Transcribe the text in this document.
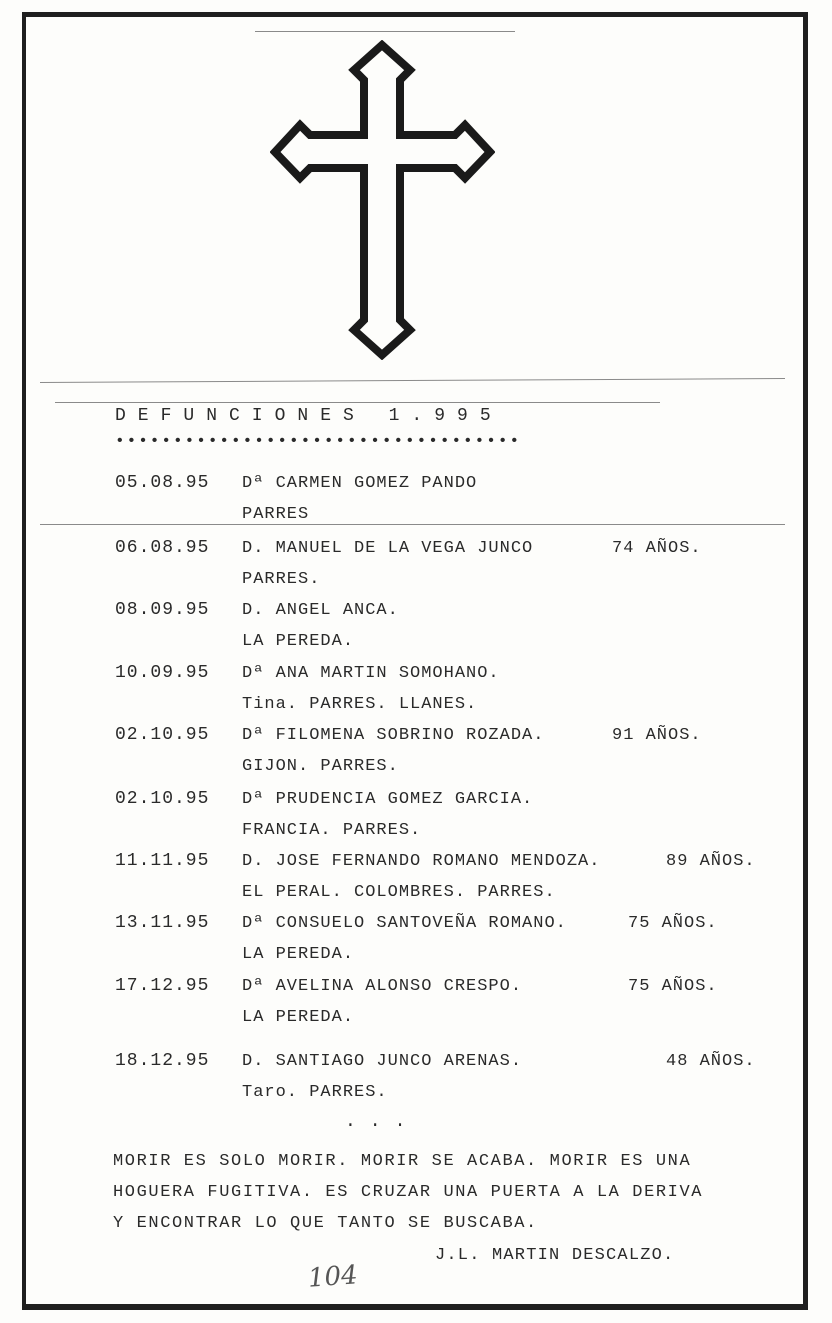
DEFUNCIONES 1.995
•••••••••••••••••••••••••••••••••••
05.08.95 Dª CARMEN GOMEZ PANDO
PARRES
06.08.95 D. MANUEL DE LA VEGA JUNCO	74 AÑOS.
PARRES.
08.09.95 D. ANGEL ANCA.
LA PEREDA.
10.09.95 Dª ANA MARTIN SOMOHANO.
Tina. PARRES. LLANES.
02.10.95 Dª FILOMENA SOBRINO ROZADA.	91 AÑOS.
GIJON. PARRES.
02.10.95 Dª PRUDENCIA GOMEZ GARCIA.
FRANCIA. PARRES.
11.11.95 D. JOSE FERNANDO ROMANO MENDOZA.	89 AÑOS.
EL PERAL. COLOMBRES. PARRES.
13.11.95 Dª CONSUELO SANTOVEÑA ROMANO.	75 AÑOS.
LA PEREDA.
17.12.95 Dª AVELINA ALONSO CRESPO.	75 AÑOS.
LA PEREDA.
18.12.95 D. SANTIAGO JUNCO ARENAS.	48 AÑOS.
Taro. PARRES.
...
MORIR ES SOLO MORIR. MORIR SE ACABA. MORIR ES UNA
HOGUERA FUGITIVA. ES CRUZAR UNA PUERTA A LA DERIVA
Y ENCONTRAR LO QUE TANTO SE BUSCABA.
J.L. MARTIN DESCALZO.
104
